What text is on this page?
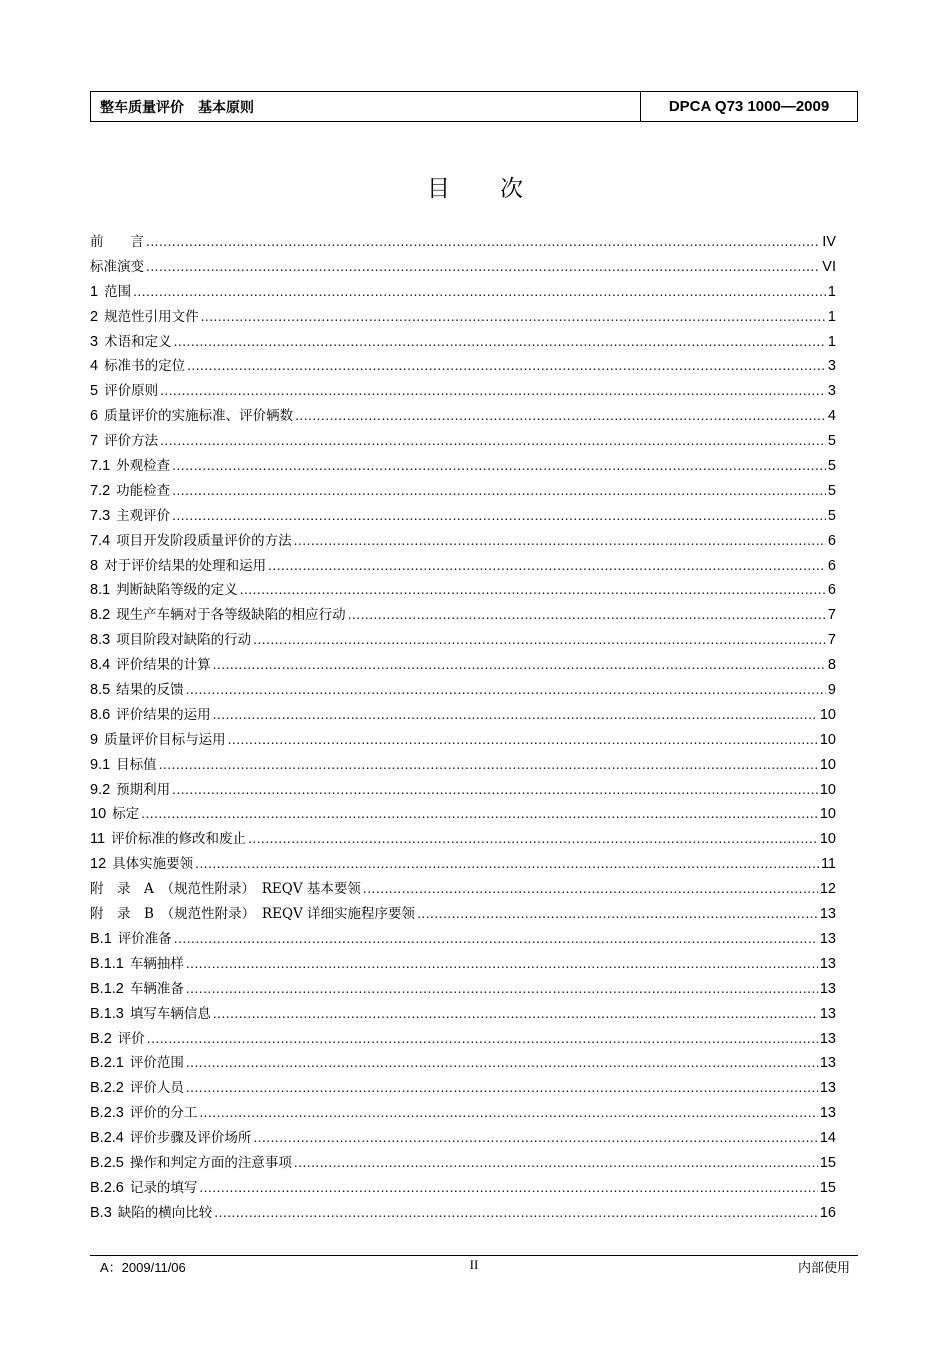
整车质量评价　基本原则	DPCA Q73 1000—2009
目次
前　　言 .....	IV
标准演变 .....	VI
1 范围 .....	1
2 规范性引用文件 .....	1
3 术语和定义 .....	1
4 标准书的定位 .....	3
5 评价原则 .....	3
6 质量评价的实施标准、评价辆数 .....	4
7 评价方法 .....	5
7.1 外观检查 .....	5
7.2 功能检查 .....	5
7.3 主观评价 .....	5
7.4 项目开发阶段质量评价的方法 .....	6
8 对于评价结果的处理和运用 .....	6
8.1 判断缺陷等级的定义 .....	6
8.2 现生产车辆对于各等级缺陷的相应行动 .....	7
8.3 项目阶段对缺陷的行动 .....	7
8.4 评价结果的计算 .....	8
8.5 结果的反馈 .....	9
8.6 评价结果的运用 .....	10
9 质量评价目标与运用 .....	10
9.1 目标值 .....	10
9.2 预期利用 .....	10
10 标定 .....	10
11 评价标准的修改和废止 .....	10
12 具体实施要领 .....	11
附　录　A　（规范性附录）　REQV 基本要领 .....	12
附　录　B　（规范性附录）　REQV 详细实施程序要领 .....	13
B.1 评价准备 .....	13
B.1.1 车辆抽样 .....	13
B.1.2 车辆准备 .....	13
B.1.3 填写车辆信息 .....	13
B.2 评价 .....	13
B.2.1 评价范围 .....	13
B.2.2 评价人员 .....	13
B.2.3 评价的分工 .....	13
B.2.4 评价步骤及评价场所 .....	14
B.2.5 操作和判定方面的注意事项 .....	15
B.2.6 记录的填写 .....	15
B.3 缺陷的横向比较 .....	16
A：2009/11/06	II	内部使用
